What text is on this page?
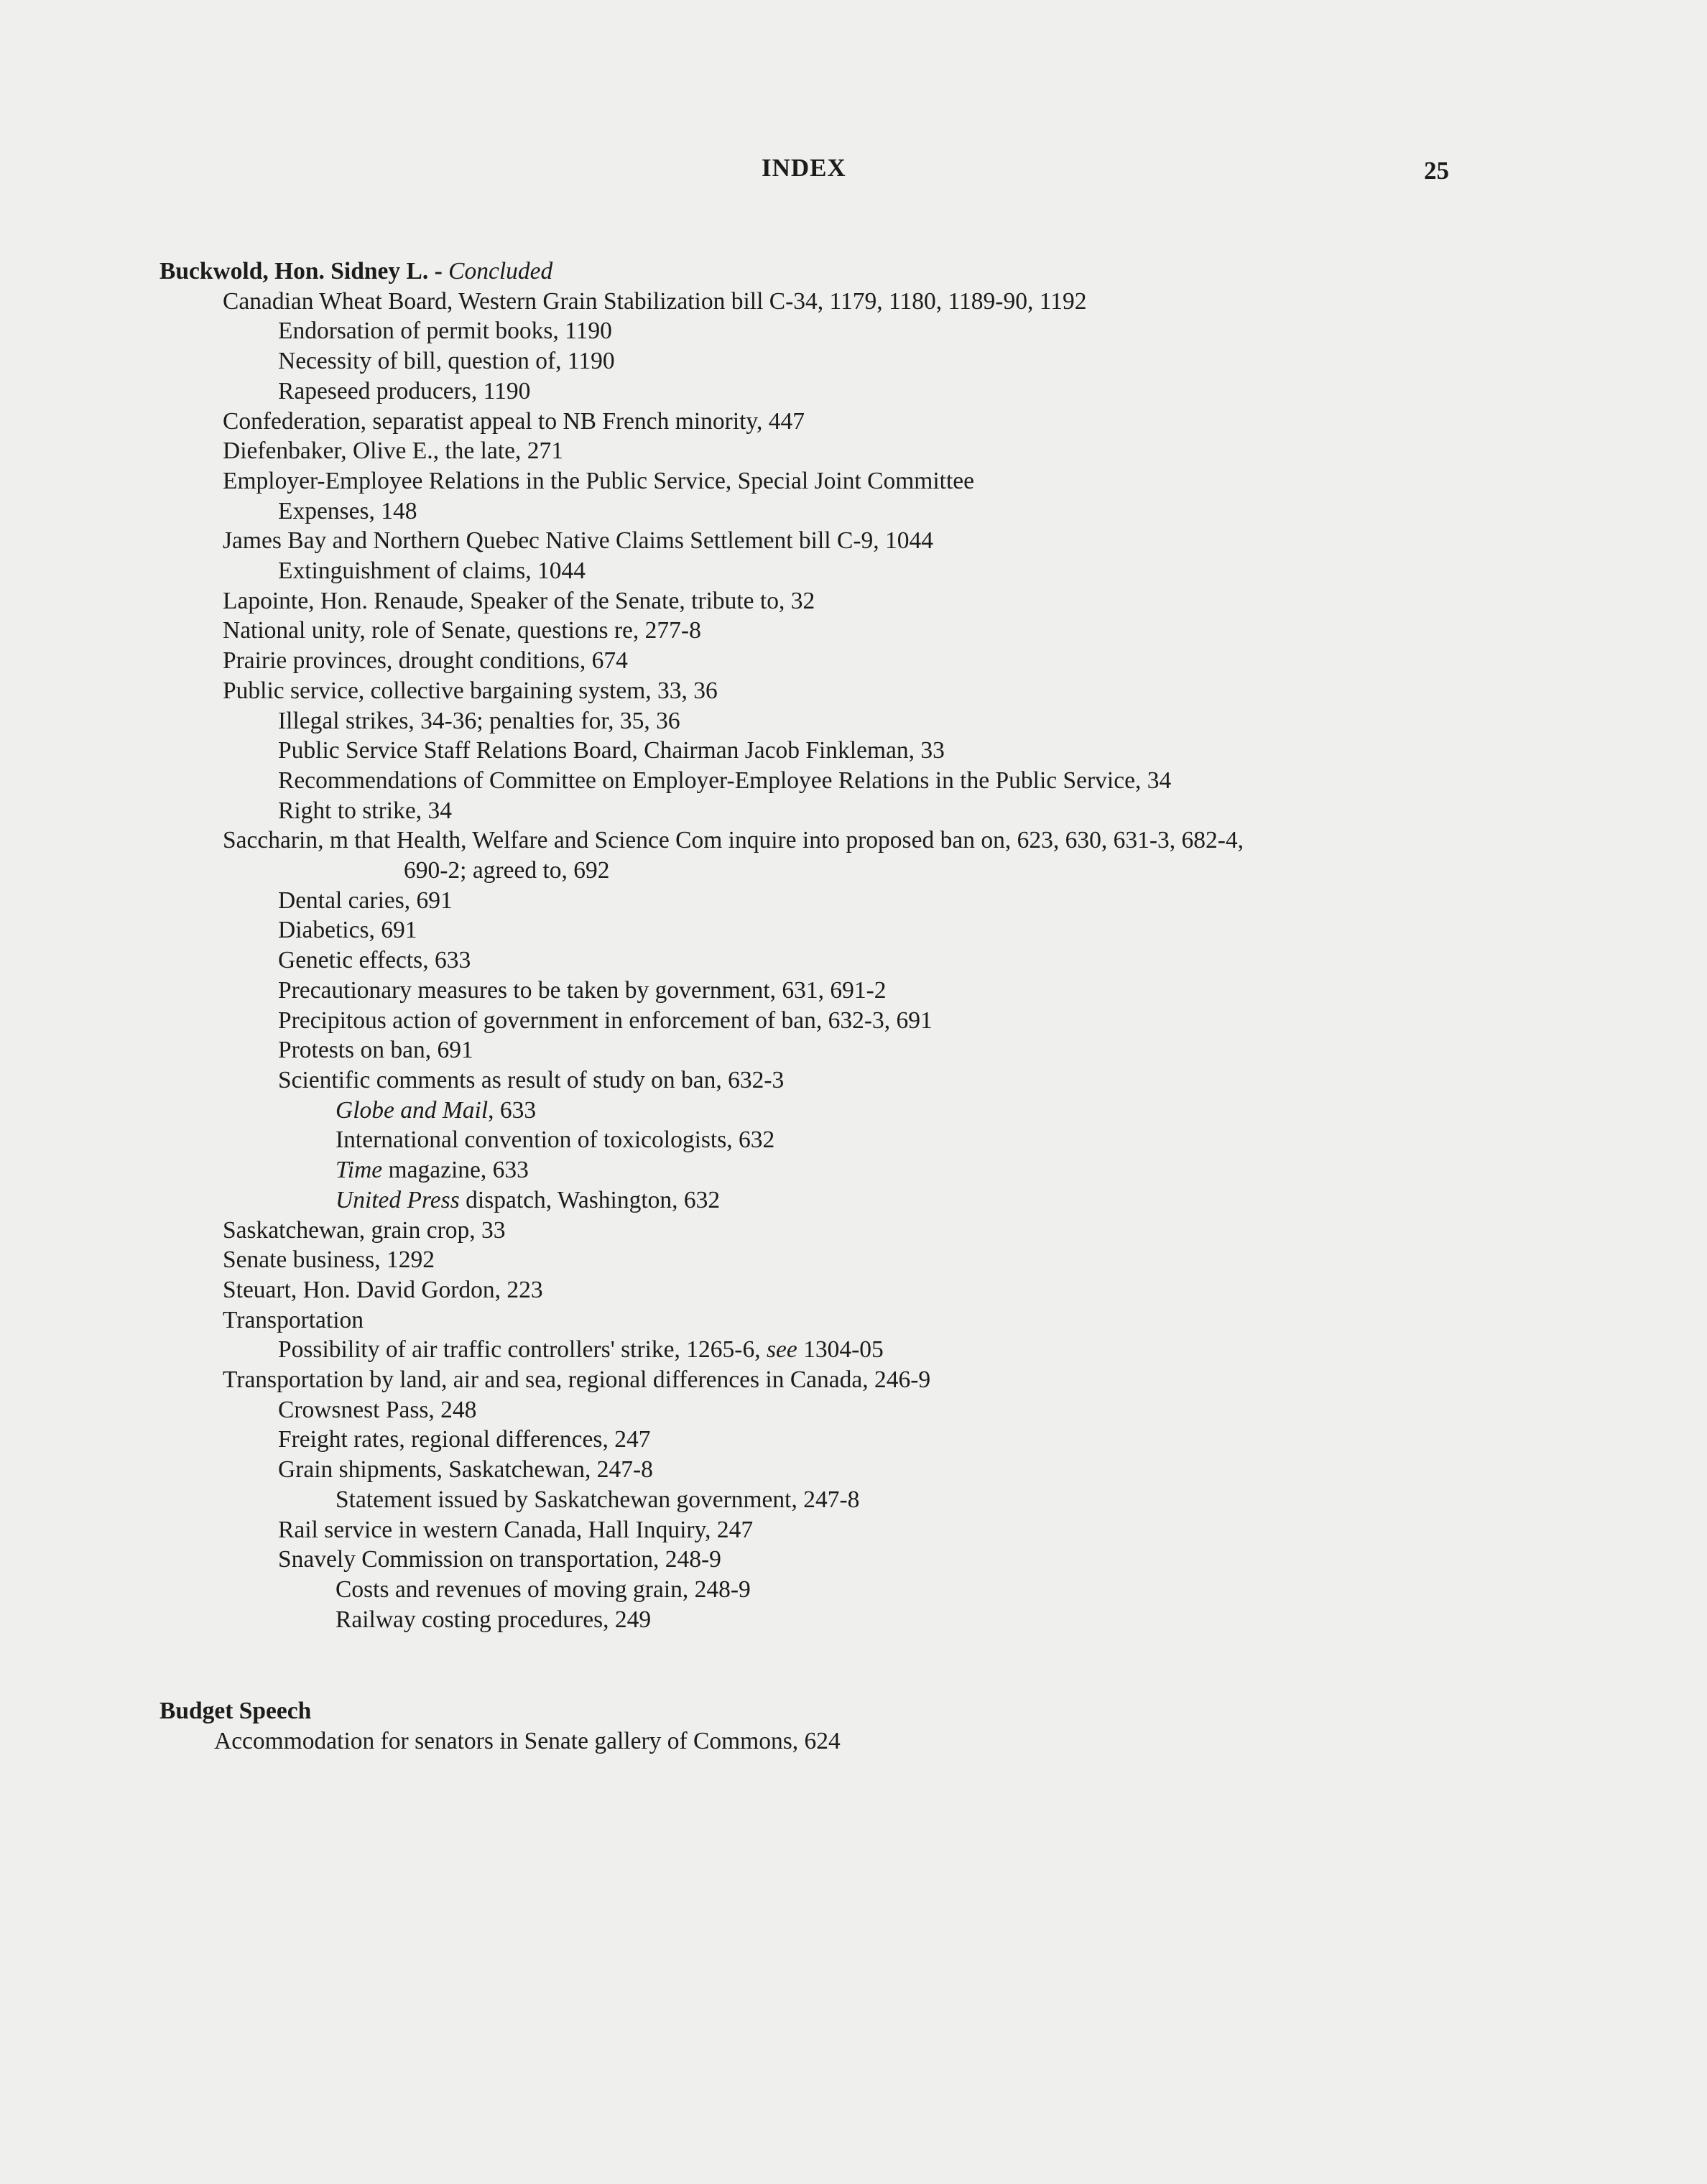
INDEX	25
Buckwold, Hon. Sidney L. - Concluded
Canadian Wheat Board, Western Grain Stabilization bill C-34, 1179, 1180, 1189-90, 1192
Endorsation of permit books, 1190
Necessity of bill, question of, 1190
Rapeseed producers, 1190
Confederation, separatist appeal to NB French minority, 447
Diefenbaker, Olive E., the late, 271
Employer-Employee Relations in the Public Service, Special Joint Committee
Expenses, 148
James Bay and Northern Quebec Native Claims Settlement bill C-9, 1044
Extinguishment of claims, 1044
Lapointe, Hon. Renaude, Speaker of the Senate, tribute to, 32
National unity, role of Senate, questions re, 277-8
Prairie provinces, drought conditions, 674
Public service, collective bargaining system, 33, 36
Illegal strikes, 34-36; penalties for, 35, 36
Public Service Staff Relations Board, Chairman Jacob Finkleman, 33
Recommendations of Committee on Employer-Employee Relations in the Public Service, 34
Right to strike, 34
Saccharin, m that Health, Welfare and Science Com inquire into proposed ban on, 623, 630, 631-3, 682-4,
690-2; agreed to, 692
Dental caries, 691
Diabetics, 691
Genetic effects, 633
Precautionary measures to be taken by government, 631, 691-2
Precipitous action of government in enforcement of ban, 632-3, 691
Protests on ban, 691
Scientific comments as result of study on ban, 632-3
Globe and Mail, 633
International convention of toxicologists, 632
Time magazine, 633
United Press dispatch, Washington, 632
Saskatchewan, grain crop, 33
Senate business, 1292
Steuart, Hon. David Gordon, 223
Transportation
Possibility of air traffic controllers' strike, 1265-6, see 1304-05
Transportation by land, air and sea, regional differences in Canada, 246-9
Crowsnest Pass, 248
Freight rates, regional differences, 247
Grain shipments, Saskatchewan, 247-8
Statement issued by Saskatchewan government, 247-8
Rail service in western Canada, Hall Inquiry, 247
Snavely Commission on transportation, 248-9
Costs and revenues of moving grain, 248-9
Railway costing procedures, 249
Budget Speech
Accommodation for senators in Senate gallery of Commons, 624
